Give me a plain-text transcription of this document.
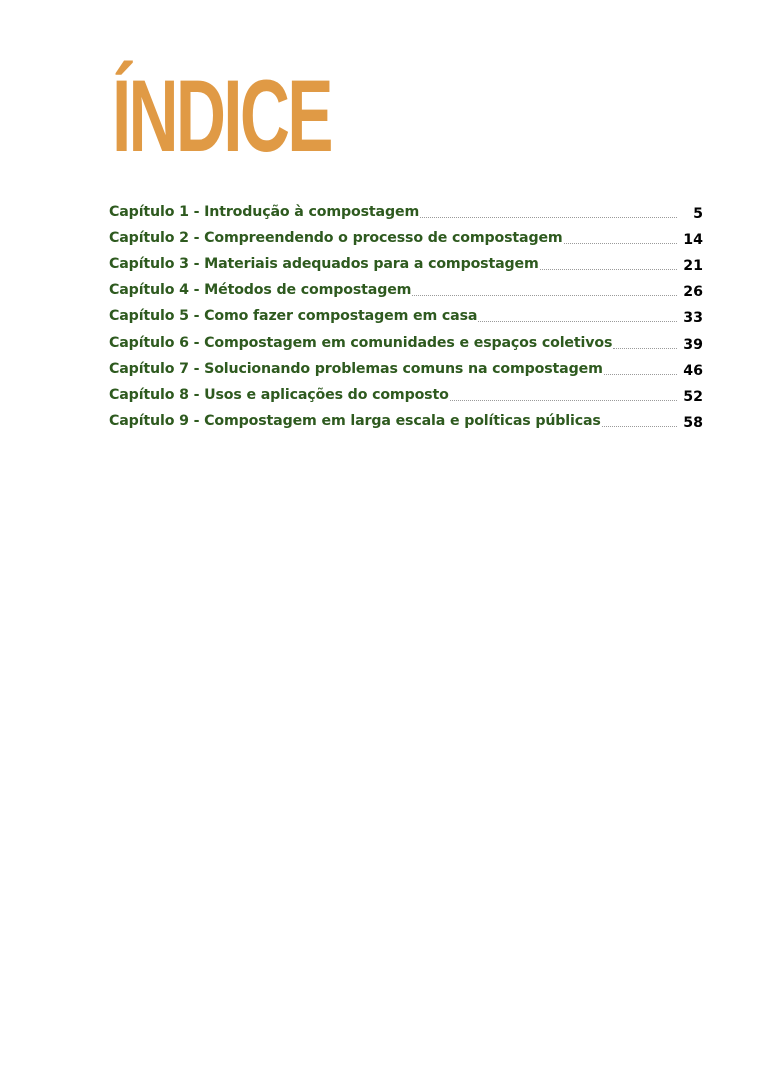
ÍNDICE
Capítulo 1 - Introdução à compostagem	5
Capítulo 2 - Compreendendo o processo de compostagem	14
Capítulo 3 - Materiais adequados para a compostagem	21
Capítulo 4 - Métodos de compostagem	26
Capítulo 5 - Como fazer compostagem em casa	33
Capítulo 6 - Compostagem em comunidades e espaços coletivos	39
Capítulo 7 - Solucionando problemas comuns na compostagem	46
Capítulo 8 - Usos e aplicações do composto	52
Capítulo 9 - Compostagem em larga escala e políticas públicas	58
